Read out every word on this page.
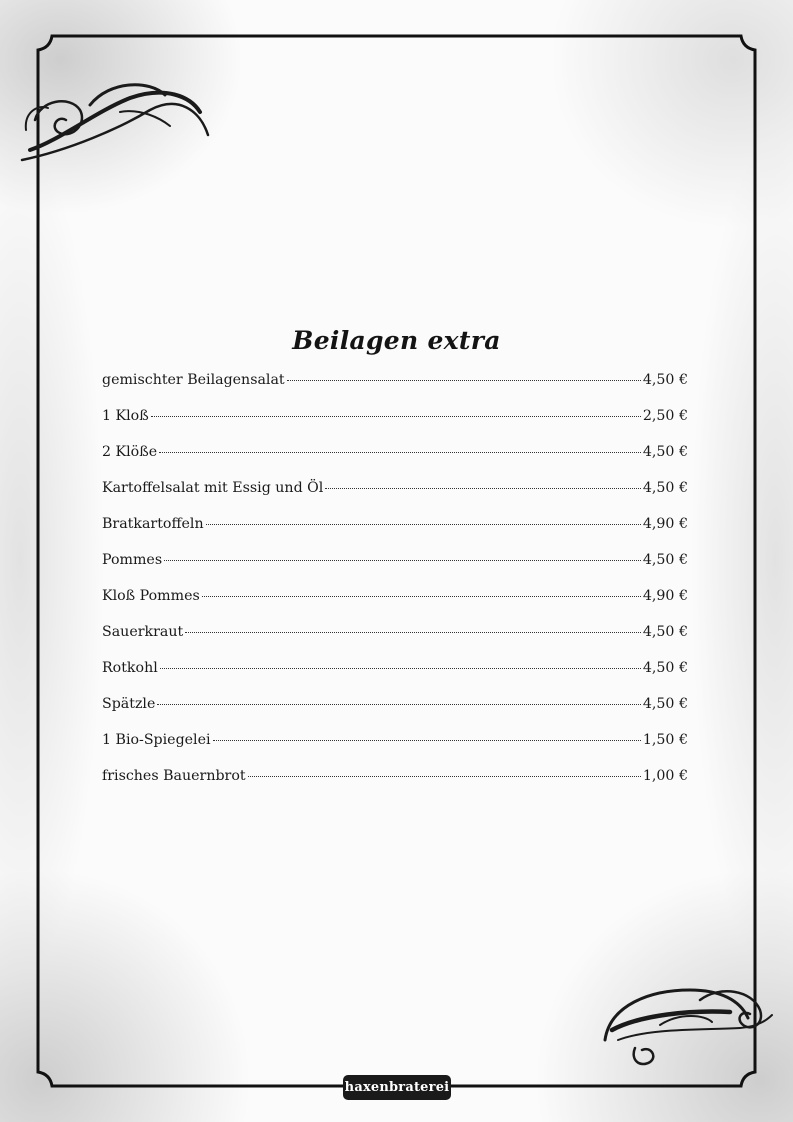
Beilagen extra
gemischter Beilagensalat	4,50 €
1 Kloß	2,50 €
2 Klöße	4,50 €
Kartoffelsalat mit Essig und Öl	4,50 €
Bratkartoffeln	4,90 €
Pommes	4,50 €
Kloß Pommes	4,90 €
Sauerkraut	4,50 €
Rotkohl	4,50 €
Spätzle	4,50 €
1 Bio-Spiegelei	1,50 €
frisches Bauernbrot	1,00 €
haxenbraterei
